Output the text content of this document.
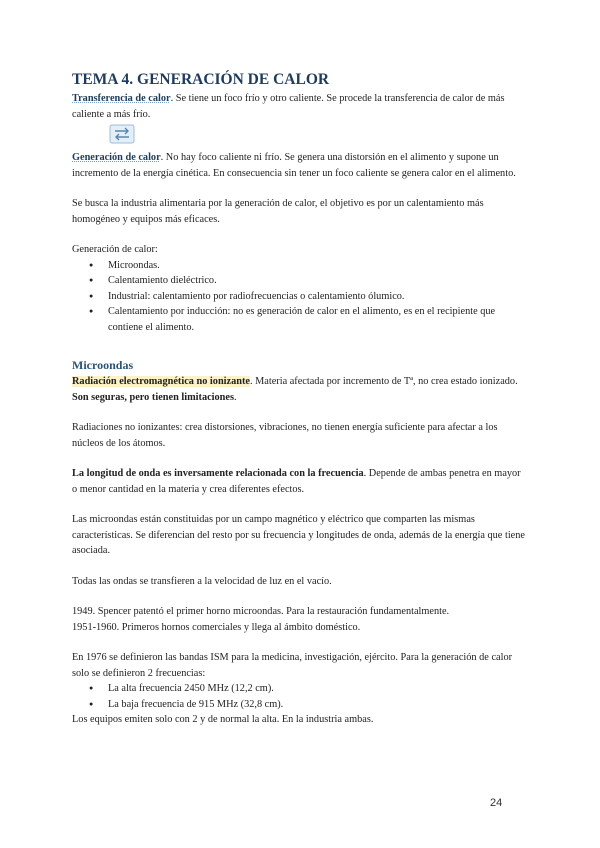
TEMA 4. GENERACIÓN DE CALOR

Transferencia de calor. Se tiene un foco frío y otro caliente. Se procede la transferencia de calor de más caliente a más frío.

Generación de calor. No hay foco caliente ni frío. Se genera una distorsión en el alimento y supone un incremento de la energía cinética. En consecuencia sin tener un foco caliente se genera calor en el alimento.

Se busca la industria alimentaria por la generación de calor, el objetivo es por un calentamiento más homogéneo y equipos más eficaces.

Generación de calor:

● Microondas.
● Calentamiento dieléctrico.
● Industrial: calentamiento por radiofrecuencias o calentamiento ólumico.
● Calentamiento por inducción: no es generación de calor en el alimento, es en el recipiente que contiene el alimento.
Microondas

Radiación electromagnética no ionizante. Materia afectada por incremento de Tª, no crea estado ionizado. Son seguras, pero tienen limitaciones.

Radiaciones no ionizantes: crea distorsiones, vibraciones, no tienen energía suficiente para afectar a los núcleos de los átomos.

La longitud de onda es inversamente relacionada con la frecuencia. Depende de ambas penetra en mayor o menor cantidad en la materia y crea diferentes efectos.

Las microondas están constituidas por un campo magnético y eléctrico que comparten las mismas características. Se diferencian del resto por su frecuencia y longitudes de onda, además de la energía que tiene asociada.

Todas las ondas se transfieren a la velocidad de luz en el vacío.

1949. Spencer patentó el primer horno microondas. Para la restauración fundamentalmente.

1951-1960. Primeros hornos comerciales y llega al ámbito doméstico.

En 1976 se definieron las bandas ISM para la medicina, investigación, ejército. Para la generación de calor solo se definieron 2 frecuencias:

● La alta frecuencia 2450 MHz (12,2 cm).
● La baja frecuencia de 915 MHz (32,8 cm).

Los equipos emiten solo con 2 y de normal la alta. En la industria ambas.

24
